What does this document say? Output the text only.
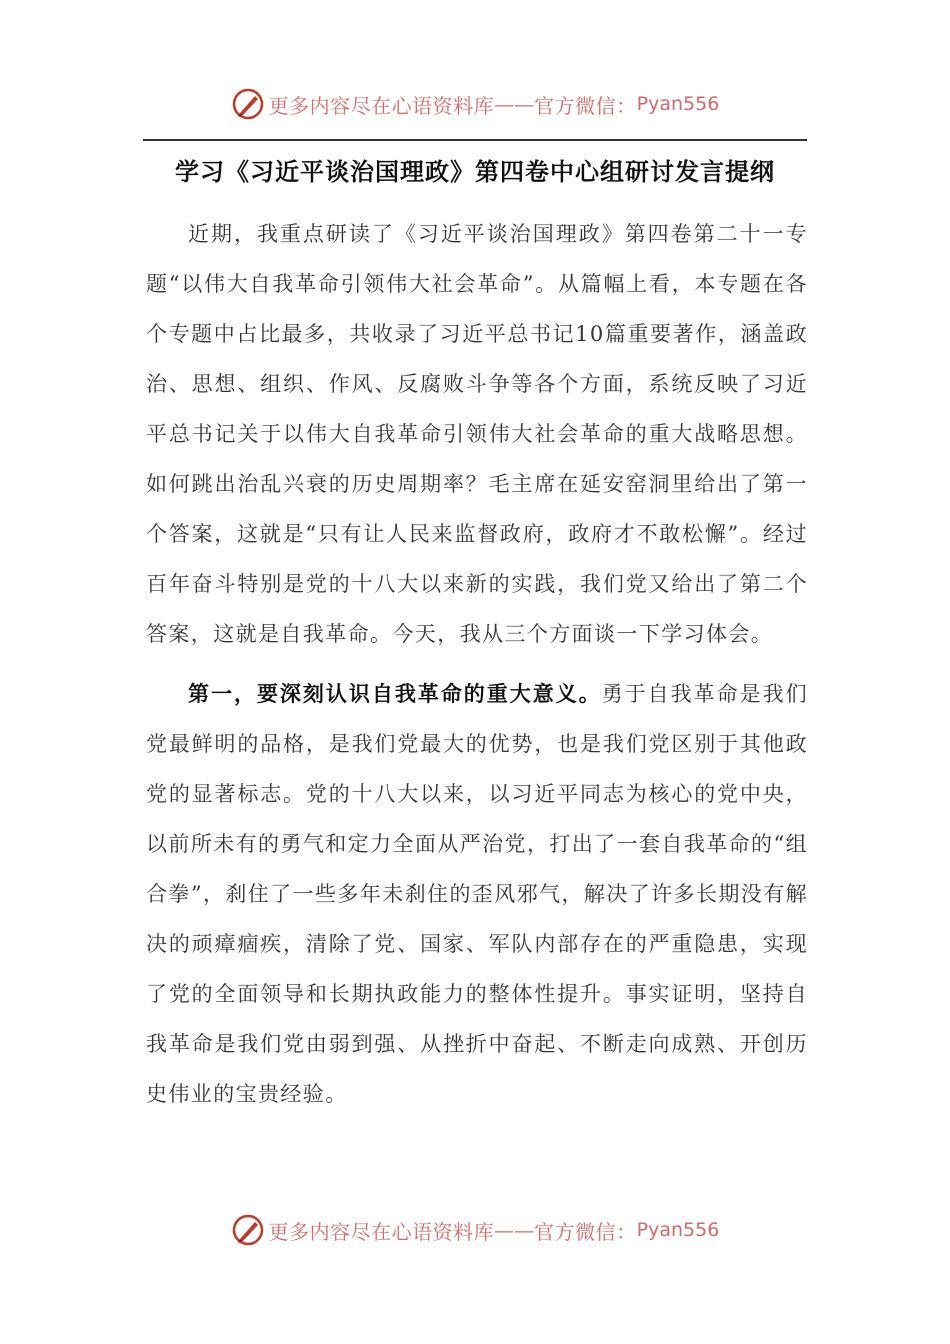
更多内容尽在心语资料库 —— 官方微信： Pyan556
学习《习近平谈治国理政》第四卷中心组研讨发言提纲

近期，我重点研读了《习近平谈治国理政》第四卷第二十一专题“以伟大自我革命引领伟大社会革命”。从篇幅上看，本专题在各个专题中占比最多，共收录了习近平总书记10篇重要著作，涵盖政治、思想、组织、作风、反腐败斗争等各个方面，系统反映了习近平总书记关于以伟大自我革命引领伟大社会革命的重大战略思想。如何跳出治乱兴衰的历史周期率？毛主席在延安窑洞里给出了第一个答案，这就是“只有让人民来监督政府，政府才不敢松懈”。经过百年奋斗特别是党的十八大以来新的实践，我们党又给出了第二个答案，这就是自我革命。今天，我从三个方面谈一下学习体会。

第一，要深刻认识自我革命的重大意义。勇于自我革命是我们党最鲜明的品格，是我们党最大的优势，也是我们党区别于其他政党的显著标志。党的十八大以来，以习近平同志为核心的党中央，以前所未有的勇气和定力全面从严治党，打出了一套自我革命的“组合拳”，刹住了一些多年未刹住的歪风邪气，解决了许多长期没有解决的顽瘴痼疾，清除了党、国家、军队内部存在的严重隐患，实现了党的全面领导和长期执政能力的整体性提升。事实证明，坚持自我革命是我们党由弱到强、从挫折中奋起、不断走向成熟、开创历史伟业的宝贵经验。

更多内容尽在心语资料库 —— 官方微信： Pyan556
